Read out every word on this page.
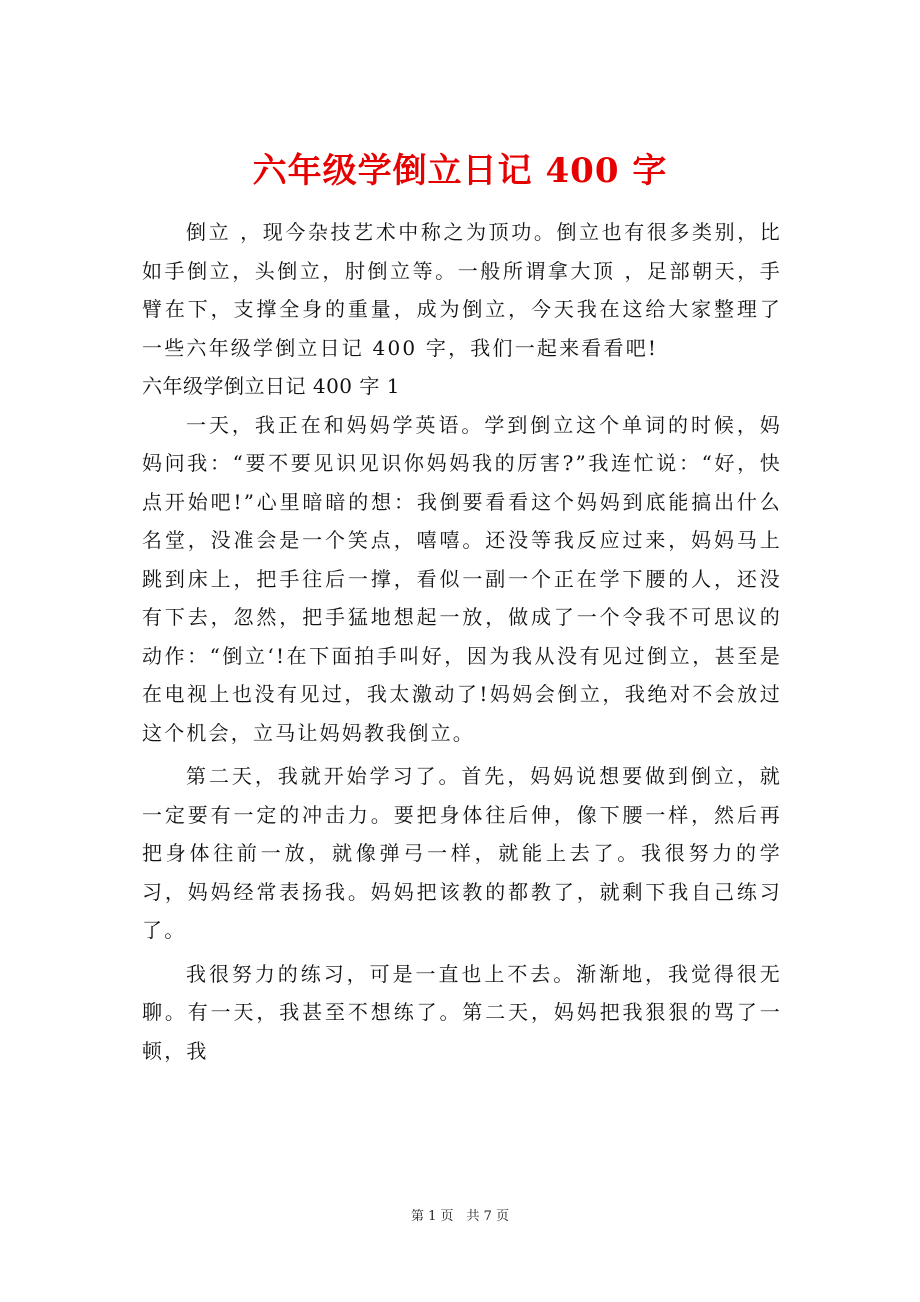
六年级学倒立日记 400 字

倒立 ，现今杂技艺术中称之为顶功。倒立也有很多类别，比如手倒立，头倒立，肘倒立等。一般所谓拿大顶 ，足部朝天，手臂在下，支撑全身的重量，成为倒立，今天我在这给大家整理了一些六年级学倒立日记 400 字，我们一起来看看吧!

六年级学倒立日记 400 字 1

一天，我正在和妈妈学英语。学到倒立这个单词的时候，妈妈问我：“要不要见识见识你妈妈我的厉害?”我连忙说：“好，快点开始吧!”心里暗暗的想：我倒要看看这个妈妈到底能搞出什么名堂，没准会是一个笑点，嘻嘻。还没等我反应过来，妈妈马上跳到床上，把手往后一撑，看似一副一个正在学下腰的人，还没有下去，忽然，把手猛地想起一放，做成了一个令我不可思议的动作：“倒立‘!在下面拍手叫好，因为我从没有见过倒立，甚至是在电视上也没有见过，我太激动了!妈妈会倒立，我绝对不会放过这个机会，立马让妈妈教我倒立。

第二天，我就开始学习了。首先，妈妈说想要做到倒立，就一定要有一定的冲击力。要把身体往后伸，像下腰一样，然后再把身体往前一放，就像弹弓一样，就能上去了。我很努力的学习，妈妈经常表扬我。妈妈把该教的都教了，就剩下我自己练习了。

我很努力的练习，可是一直也上不去。渐渐地，我觉得很无聊。有一天，我甚至不想练了。第二天，妈妈把我狠狠的骂了一顿，我

第 1 页　共 7 页
